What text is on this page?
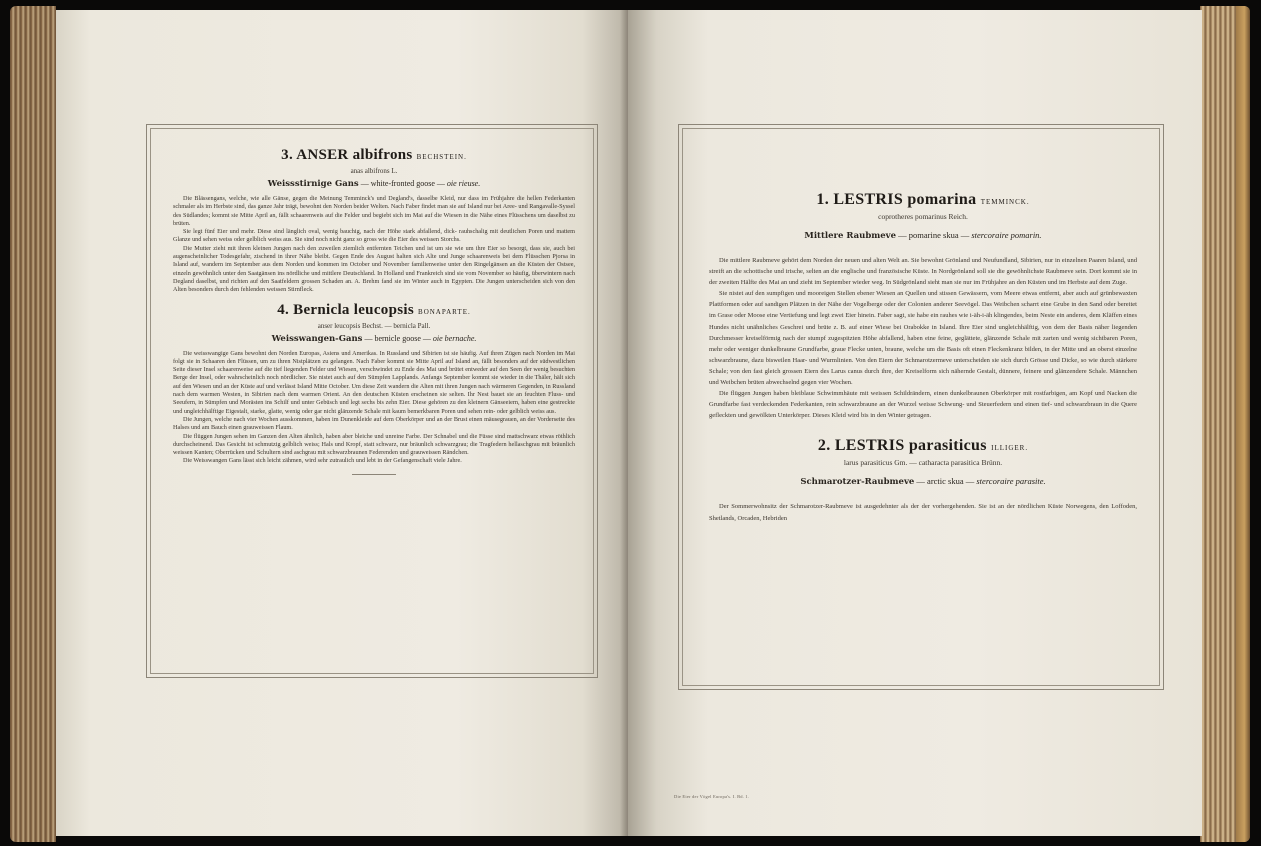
3. ANSER albifrons BECHSTEIN.

anas albifrons L.

Weissstirnige Gans — white-fronted goose — oie rieuse.

Die Blässengans, welche, wie alle Gänse, gegen die Meinung Temminck's und Degland's, dasselbe Kleid, nur dass im Frühjahre die hellen Federkanten schmaler als im Herbste sind, das ganze Jahr trägt, bewohnt den Norden beider Welten. Nach Faber findet man sie auf Island nur bei Aree- und Rangavalle-Syssel des Südlandes; kommt sie Mitte April an, fällt schaarenweis auf die Felder und begiebt sich im Mai auf die Wiesen in die Nähe eines Flüsschens um daselbst zu brüten.

Sie legt fünf Eier und mehr. Diese sind länglich oval, wenig bauchig, nach der Höhe stark abfallend, dick- rauhschalig mit deutlichen Poren und mattem Glanze und sehen weiss oder gelblich weiss aus. Sie sind noch nicht ganz so gross wie die Eier des weissen Storchs.

Die Mutter zieht mit ihren kleinen Jungen nach den zuweilen ziemlich entfernten Teichen und ist um sie wie um ihre Eier so besorgt, dass sie, auch bei augenscheinlicher Todesgefahr, zischend in ihrer Nähe bleibt. Gegen Ende des August halten sich Alte und Junge schaarenweis bei dem Flüsschen Pjorsa in Island auf, wandern im September aus dem Norden und kommen im October und November familienweise unter den Ringelgänsen an die Küsten der Ostsee, einzeln gewöhnlich unter den Saatgänsen ins nördliche und mittlere Deutschland. In Holland und Frankreich sind sie vom November so häufig, überwintern nach Degland daselbst, und richten auf den Saatfeldern grossen Schaden an. A. Brehm fand sie im Winter auch in Egypten. Die Jungen unterscheiden sich von den Alten besonders durch den fehlenden weissen Stirnfleck.

4. Bernicla leucopsis BONAPARTE.

anser leucopsis Bechst. — bernicla Pall.

Weisswangen-Gans — bernicle goose — oie bernache.

Die weisswangige Gans bewohnt den Norden Europas, Asiens und Amerikas. In Russland und Sibirien ist sie häufig. Auf ihren Zügen nach Norden im Mai folgt sie in Schaaren den Flüssen, um zu ihren Nistplätzen zu gelangen. Nach Faber kommt sie Mitte April auf Island an, fällt besonders auf der südwestlichen Seite dieser Insel schaarenweise auf die tief liegenden Felder und Wiesen, verschwindet zu Ende des Mai und brütet entweder auf den Seen der wenig besuchten Berge der Insel, oder wahrscheinlich noch nördlicher. Sie nistet auch auf den Sümpfen Lapplands. Anfangs September kommt sie wieder in die Thäler, hält sich auf den Wiesen und an der Küste auf und verlässt Island Mitte October. Um diese Zeit wandern die Alten mit ihren Jungen nach wärmeren Gegenden, in Russland nach dem warmen Westen, in Sibirien nach dem warmen Orient. An den deutschen Küsten erscheinen sie selten. Ihr Nest bauet sie an feuchten Fluss- und Seeufern, in Sümpfen und Morästen ins Schilf und unter Gebüsch und legt sechs bis zehn Eier. Diese gehören zu den kleinern Gänseeiern, haben eine gestreckte und ungleichhälftige Eigestalt, starke, glatte, wenig oder gar nicht glänzende Schale mit kaum bemerkbaren Poren und sehen rein- oder gelblich weiss aus.

Die Jungen, welche nach vier Wochen ausskommen, haben im Dunenkleide auf dem Oberkörper und an der Brust einen mäusegrauen, an der Vorderseite des Halses und am Bauch einen grauweissen Flaum.

Die flüggen Jungen sehen im Ganzen den Alten ähnlich, haben aber bleiche und unreine Farbe. Der Schnabel und die Füsse sind mattschwarz etwas röthlich durchscheinend. Das Gesicht ist schmutzig gelblich weiss; Hals und Kropf, statt schwarz, nur bräunlich schwarzgrau; die Tragfedern hellaschgrau mit bräunlich weissen Kanten; Oberrücken und Schultern sind aschgrau mit schwarzbraunen Federenden und grauweissen Rändchen.

Die Weisswangen Gans lässt sich leicht zähmen, wird sehr zutraulich und lebt in der Gefangenschaft viele Jahre.

1. LESTRIS pomarina TEMMINCK.

coprotheres pomarinus Reich.

Mittlere Raubmeve — pomarine skua — stercoraire pomarin.

Die mittlere Raubmeve gehört dem Norden der neuen und alten Welt an. Sie bewohnt Grönland und Neufundland, Sibirien, nur in einzelnen Paaren Island, und streift an die schottische und irische, selten an die englische und französische Küste. In Nordgrönland soll sie die gewöhnlichste Raubmeve sein. Dort kommt sie in der zweiten Hälfte des Mai an und zieht im September wieder weg. In Südgrönland sieht man sie nur im Frühjahre an den Küsten und im Herbste auf dem Zuge.

Sie nistet auf den sumpfigen und mooreigen Stellen ebener Wiesen an Quellen und stissen Gewässern, vom Meere etwas entfernt, aber auch auf grünbewaxten Plattformen oder auf sandigen Plätzen in der Nähe der Vogelberge oder der Colonien anderer Seevögel. Das Weibchen scharrt eine Grube in den Sand oder bereitet im Grase oder Moose eine Vertiefung und legt zwei Eier hinein. Faber sagt, sie habe ein rauhes wie i-äh-i-äh klingendes, beim Neste ein anderes, dem Kläffen eines Hundes nicht unähnliches Geschrei und brüte z. B. auf einer Wiese bei Orabokke in Island. Ihre Eier sind ungleichhälftig, von dem der Basis näher liegenden Durchmesser kreiselförmig nach der stumpf zugespitzten Höhe abfallend, haben eine feine, geglättete, glänzende Schale mit zarten und wenig sichtbaren Poren, mehr oder weniger dunkelbraune Grundfarbe, graue Flecke unten, braune, welche um die Basis oft einen Fleckenkranz bilden, in der Mitte und an oberst einzelne schwarzbraune, dazu bisweilen Haar- und Wurmlinien. Von den Eiern der Schmarotzermeve unterscheiden sie sich durch Grösse und Dicke, so wie durch stärkere Schale; von den fast gleich grossen Eiern des Larus canus durch ihre, der Kreiselform sich nähernde Gestalt, dünnere, feinere und glänzendere Schale. Männchen und Weibchen brüten abwechselnd gegen vier Wochen.

Die flüggen Jungen haben bleiblaue Schwimmhäute mit weissen Schildrändern, einen dunkelbraunen Oberkörper mit rostfarbigen, am Kopf und Nacken die Grundfarbe fast verdeckenden Federkanten, rein schwarzbraune an der Wurzel weisse Schwung- und Steuerfedern und einen tief- und schwarzbraun in die Quere gefleckten und gewölkten Unterkörper. Dieses Kleid wird bis in den Winter getragen.

2. LESTRIS parasiticus ILLIGER.

larus parasiticus Gm. — catharacta parasitica Brünn.

Schmarotzer-Raubmeve — arctic skua — stercoraire parasite.

Der Sommerwohnsitz der Schmarotzer-Raubmeve ist ausgedehnter als der der vorhergehenden. Sie ist an der nördlichen Küste Norwegens, den Loffoden, Shetlands, Orcaden, Hebriden

Die Eier der Vögel Europa's. I. Bd. 1.
